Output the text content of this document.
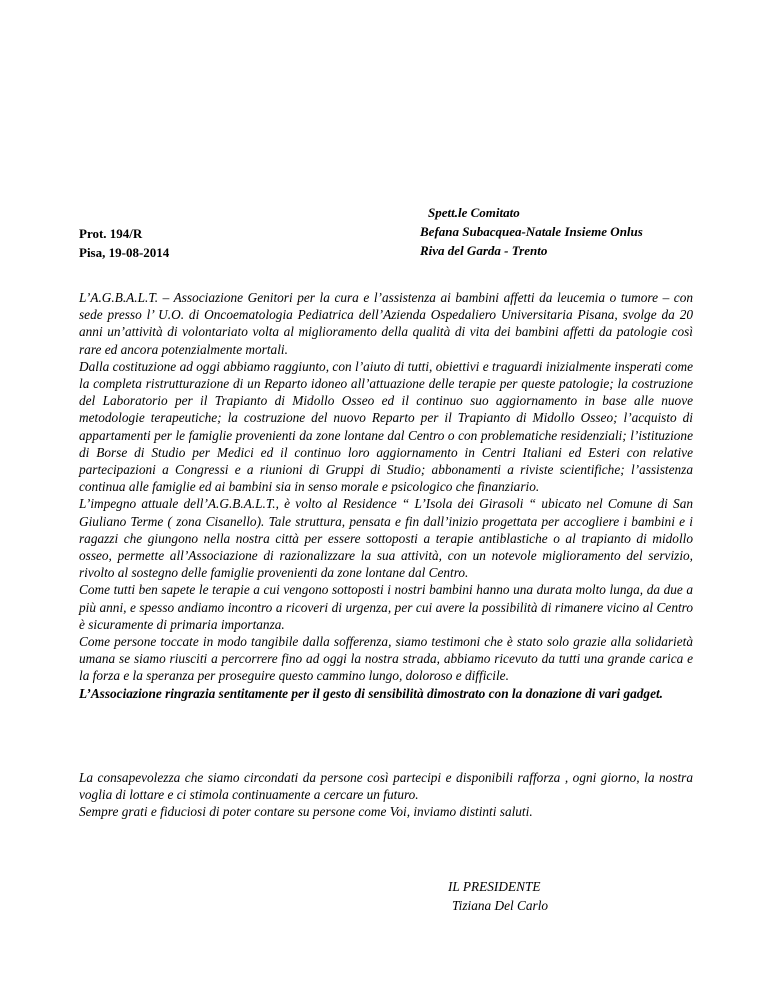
Prot. 194/R
Pisa, 19-08-2014
Spett.le Comitato
Befana Subacquea-Natale Insieme Onlus
Riva del Garda - Trento

L’A.G.B.A.L.T. – Associazione Genitori per la cura e l’assistenza ai bambini affetti da leucemia o tumore – con sede presso l’ U.O. di Oncoematologia Pediatrica dell’Azienda Ospedaliero Universitaria Pisana, svolge da 20 anni un’attività di volontariato volta al miglioramento della qualità di vita dei bambini affetti da patologie così rare ed ancora potenzialmente mortali.

Dalla costituzione ad oggi abbiamo raggiunto, con l’aiuto di tutti, obiettivi e traguardi inizialmente insperati come la completa ristrutturazione di un Reparto idoneo all’attuazione delle terapie per queste patologie; la costruzione del Laboratorio per il Trapianto di Midollo Osseo ed il continuo suo aggiornamento in base alle nuove metodologie terapeutiche; la costruzione del nuovo Reparto per il Trapianto di Midollo Osseo; l’acquisto di appartamenti per le famiglie provenienti da zone lontane dal Centro o con problematiche residenziali; l’istituzione di Borse di Studio per Medici ed il continuo loro aggiornamento in Centri Italiani ed Esteri con relative partecipazioni a Congressi e a riunioni di Gruppi di Studio; abbonamenti a riviste scientifiche; l’assistenza continua alle famiglie ed ai bambini sia in senso morale e psicologico che finanziario.

L’impegno attuale dell’A.G.B.A.L.T., è volto al Residence “ L’Isola dei Girasoli “ ubicato nel Comune di San Giuliano Terme ( zona Cisanello). Tale struttura, pensata e fin dall’inizio progettata per accogliere i bambini e i ragazzi che giungono nella nostra città per essere sottoposti a terapie antiblastiche o al trapianto di midollo osseo, permette all’Associazione di razionalizzare la sua attività, con un notevole miglioramento del servizio, rivolto al sostegno delle famiglie provenienti da zone lontane dal Centro.

Come tutti ben sapete le terapie a cui vengono sottoposti i nostri bambini hanno una durata molto lunga, da due a più anni, e spesso andiamo incontro a ricoveri di urgenza, per cui avere la possibilità di rimanere vicino al Centro è sicuramente di primaria importanza.

Come persone toccate in modo tangibile dalla sofferenza, siamo testimoni che è stato solo grazie alla solidarietà umana se siamo riusciti a percorrere fino ad oggi la nostra strada, abbiamo ricevuto da tutti una grande carica e la forza e la speranza per proseguire questo cammino lungo, doloroso e difficile.

L’Associazione ringrazia sentitamente per il gesto di sensibilità dimostrato con la donazione di vari gadget.

La consapevolezza che siamo circondati da persone così partecipi e disponibili rafforza , ogni giorno, la nostra voglia di lottare e ci stimola continuamente a cercare un futuro.

Sempre grati e fiduciosi di poter contare su persone come Voi, inviamo distinti saluti.

IL PRESIDENTE
Tiziana Del Carlo
